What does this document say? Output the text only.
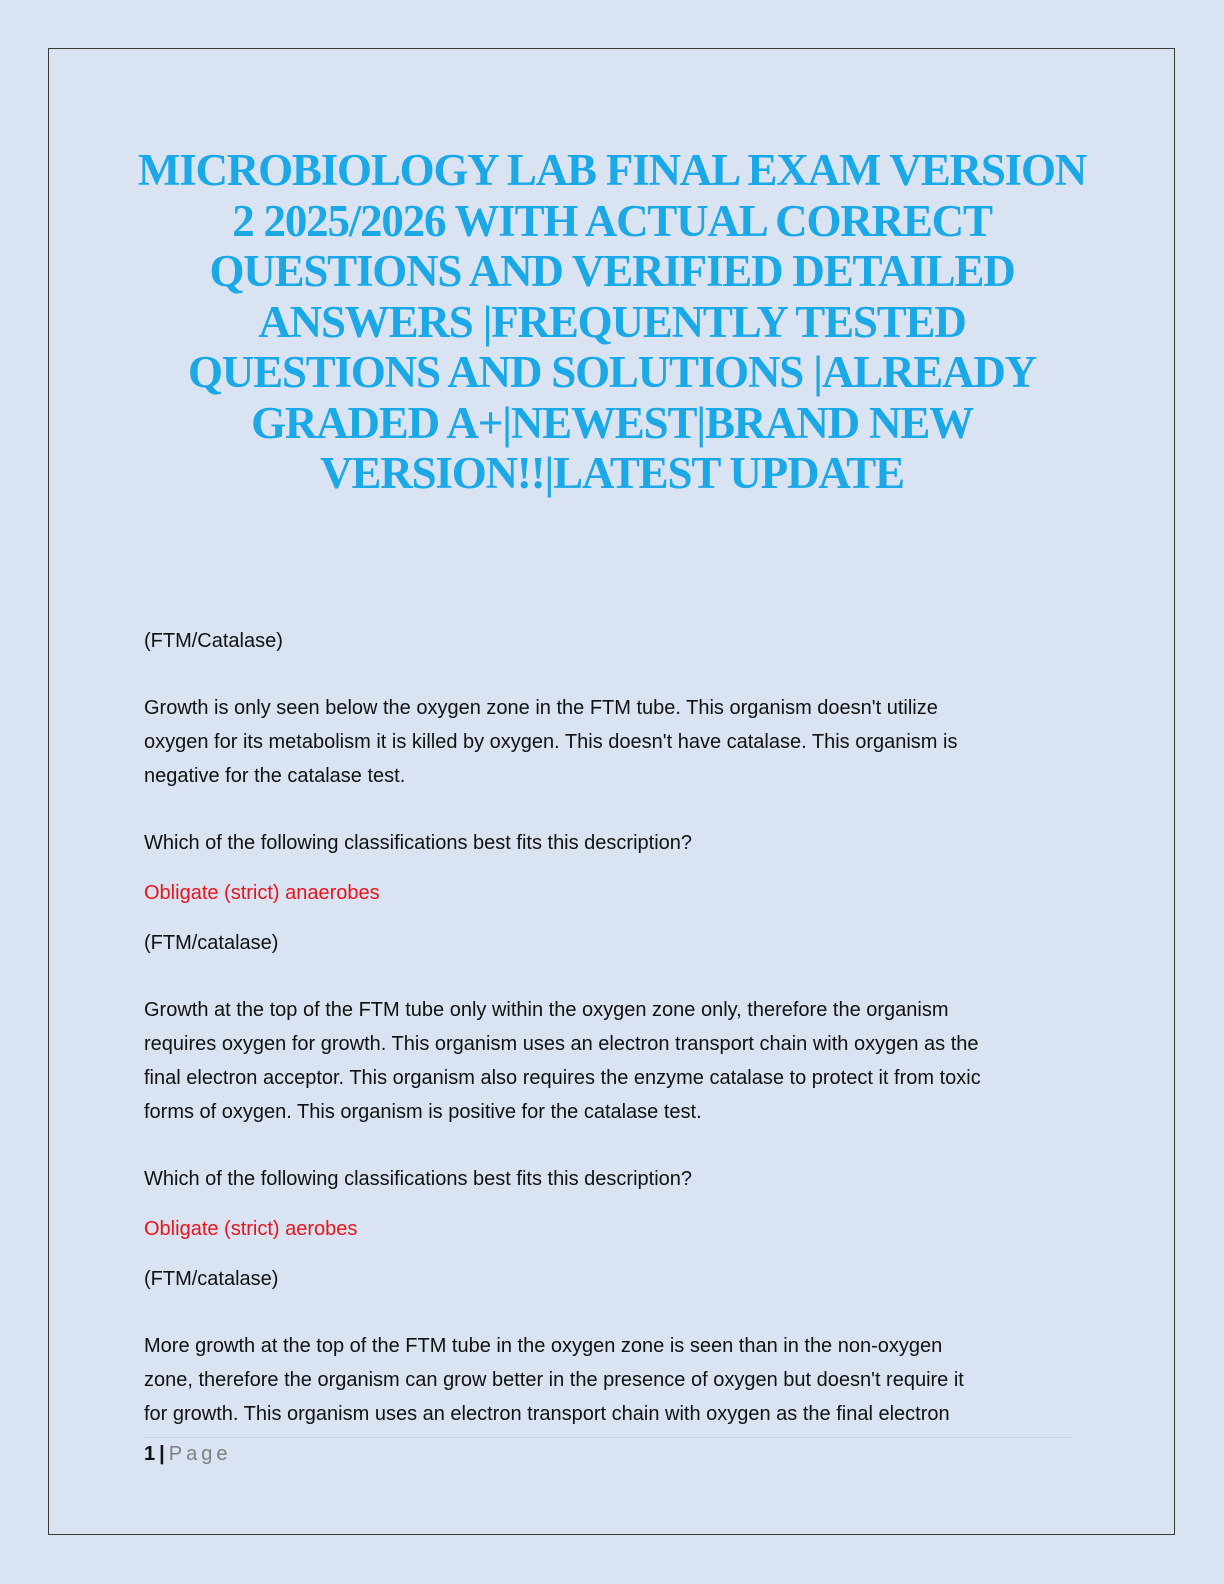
MICROBIOLOGY LAB FINAL EXAM VERSION 2 2025/2026 WITH ACTUAL CORRECT QUESTIONS AND VERIFIED DETAILED ANSWERS |FREQUENTLY TESTED QUESTIONS AND SOLUTIONS |ALREADY GRADED A+|NEWEST|BRAND NEW VERSION!!|LATEST UPDATE

(FTM/Catalase)

Growth is only seen below the oxygen zone in the FTM tube. This organism doesn't utilize
oxygen for its metabolism it is killed by oxygen. This doesn't have catalase. This organism is
negative for the catalase test.

Which of the following classifications best fits this description?

Obligate (strict) anaerobes

(FTM/catalase)

Growth at the top of the FTM tube only within the oxygen zone only, therefore the organism
requires oxygen for growth. This organism uses an electron transport chain with oxygen as the
final electron acceptor. This organism also requires the enzyme catalase to protect it from toxic
forms of oxygen. This organism is positive for the catalase test.

Which of the following classifications best fits this description?

Obligate (strict) aerobes

(FTM/catalase)

More growth at the top of the FTM tube in the oxygen zone is seen than in the non-oxygen
zone, therefore the organism can grow better in the presence of oxygen but doesn't require it
for growth. This organism uses an electron transport chain with oxygen as the final electron

1 | Page
